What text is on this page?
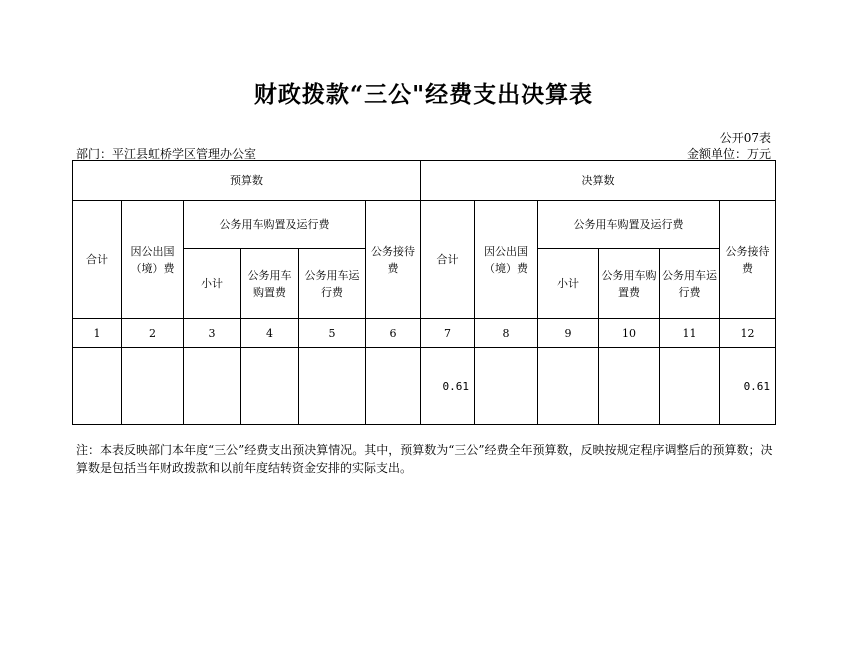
财政拨款“三公"经费支出决算表
公开07表
部门：平江县虹桥学区管理办公室	金额单位：万元
预算数						决算数					
合计	因公出国（境）费	公务用车购置及运行费			公务接待费	合计	因公出国（境）费	公务用车购置及运行费			公务接待费
		小计	公务用车购置费	公务用车运行费				小计	公务用车购置费	公务用车运行费	
1	2	3	4	5	6	7	8	9	10	11	12
						0.61					0.61
注：本表反映部门本年度“三公”经费支出预决算情况。其中，预算数为“三公”经费全年预算数，反映按规定程序调整后的预算数；决算数是包括当年财政拨款和以前年度结转资金安排的实际支出。
